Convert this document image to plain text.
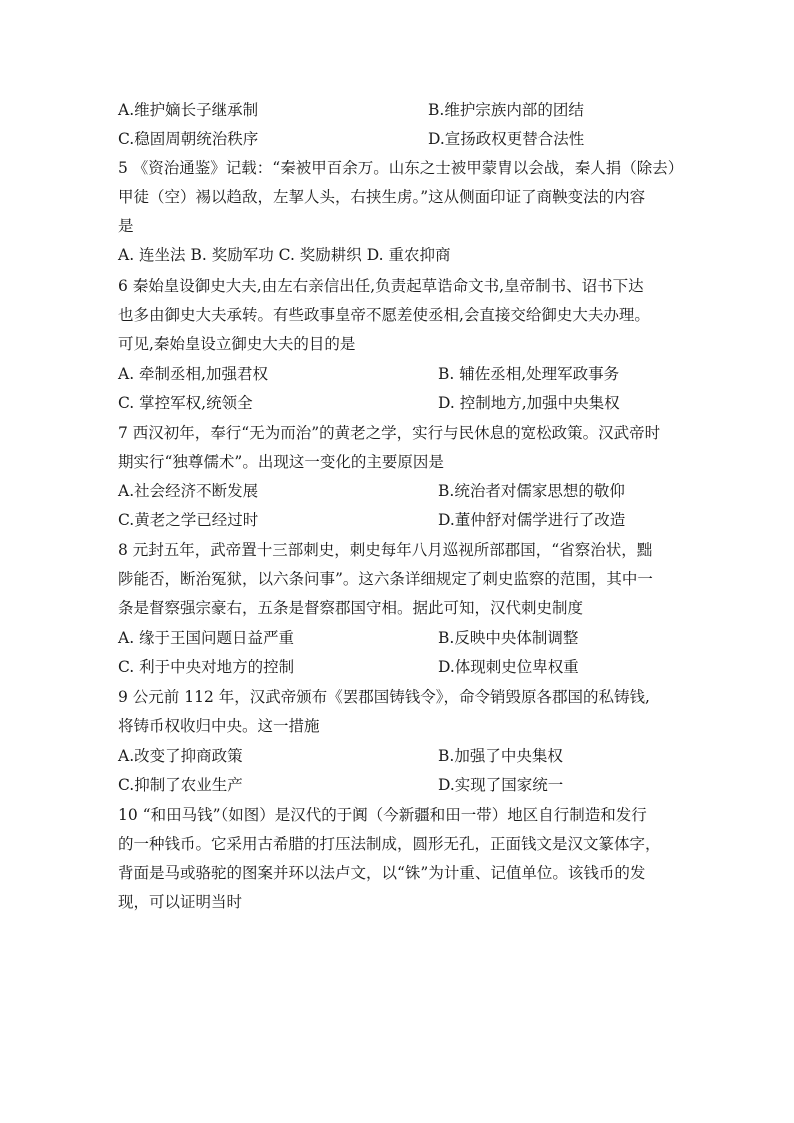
A.维护嫡长子继承制	B.维护宗族内部的团结
C.稳固周朝统治秩序	D.宣扬政权更替合法性
5 《资治通鉴》记载：“秦被甲百余万。山东之士被甲蒙胄以会战，秦人捐（除去）
甲徒（空）裼以趋敌，左挈人头，右挟生虏。”这从侧面印证了商鞅变法的内容
是
A. 连坐法 B. 奖励军功 C. 奖励耕织 D. 重农抑商
6 秦始皇设御史大夫,由左右亲信出任,负责起草诰命文书,皇帝制书、诏书下达
也多由御史大夫承转。有些政事皇帝不愿差使丞相,会直接交给御史大夫办理。
可见,秦始皇设立御史大夫的目的是
A. 牵制丞相,加强君权	B. 辅佐丞相,处理军政事务
C. 掌控军权,统领全	D. 控制地方,加强中央集权
7 西汉初年，奉行“无为而治”的黄老之学，实行与民休息的宽松政策。汉武帝时
期实行“独尊儒术”。出现这一变化的主要原因是
A.社会经济不断发展	B.统治者对儒家思想的敬仰
C.黄老之学已经过时	D.董仲舒对儒学进行了改造
8 元封五年，武帝置十三部刺史，刺史每年八月巡视所部郡国，“省察治状，黜
陟能否，断治冤狱，以六条问事”。这六条详细规定了刺史监察的范围，其中一
条是督察强宗豪右，五条是督察郡国守相。据此可知，汉代刺史制度
A. 缘于王国问题日益严重	B.反映中央体制调整
C. 利于中央对地方的控制	D.体现刺史位卑权重
9 公元前 112 年，汉武帝颁布《罢郡国铸钱令》，命令销毁原各郡国的私铸钱,
将铸币权收归中央。这一措施
A.改变了抑商政策	B.加强了中央集权
C.抑制了农业生产	D.实现了国家统一
10 “和田马钱”（如图）是汉代的于阗（今新疆和田一带）地区自行制造和发行
的一种钱币。它采用古希腊的打压法制成，圆形无孔，正面钱文是汉文篆体字，
背面是马或骆驼的图案并环以法卢文，以“铢”为计重、记值单位。该钱币的发
现，可以证明当时
